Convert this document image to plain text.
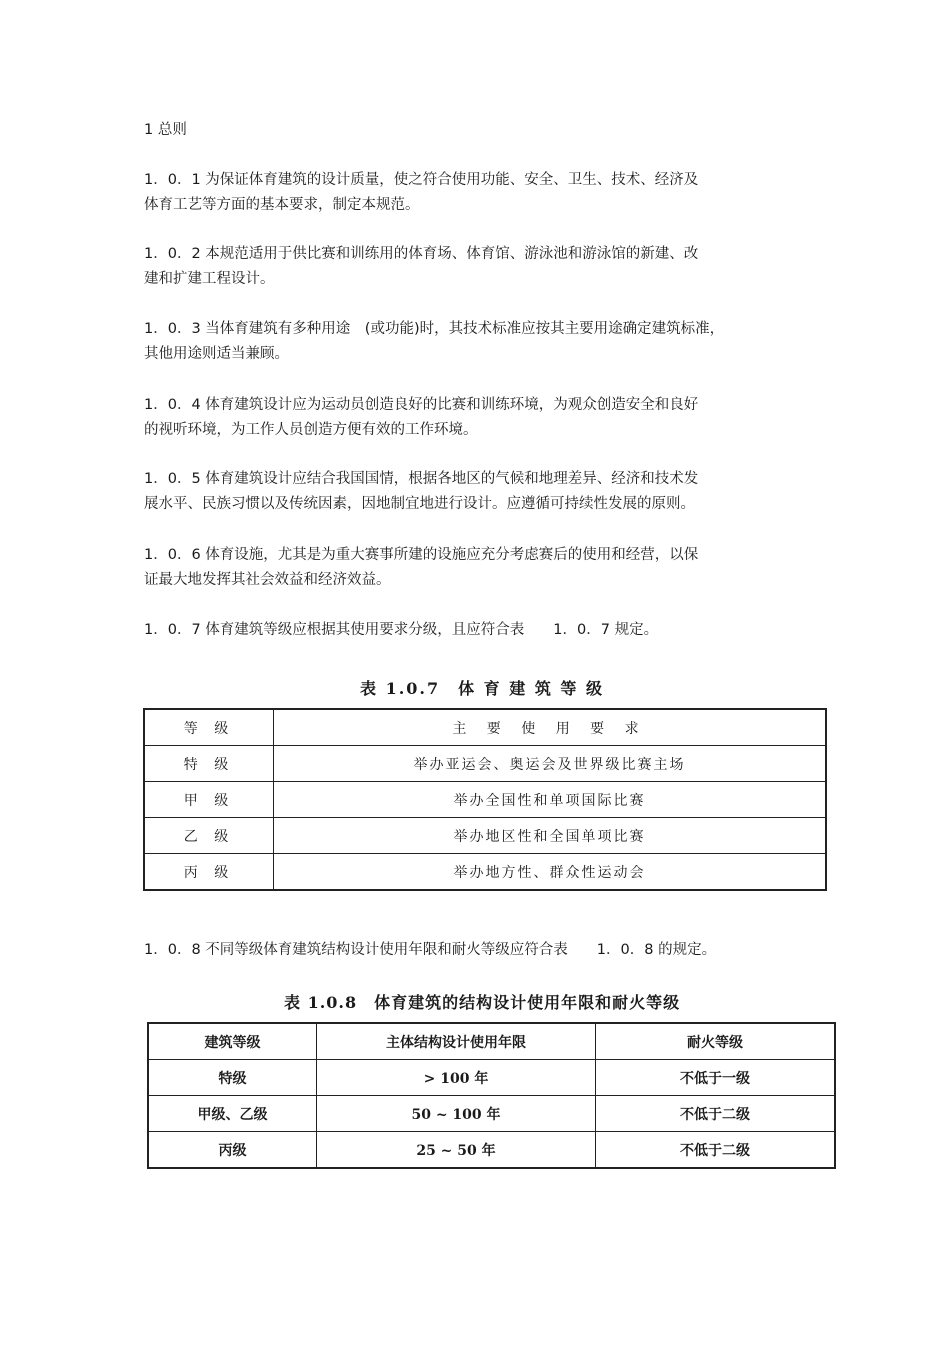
1 总则
1．0．1 为保证体育建筑的设计质量，使之符合使用功能、安全、卫生、技术、经济及
体育工艺等方面的基本要求，制定本规范。
1．0．2 本规范适用于供比赛和训练用的体育场、体育馆、游泳池和游泳馆的新建、改
建和扩建工程设计。
1．0．3 当体育建筑有多种用途　(或功能)时，其技术标准应按其主要用途确定建筑标准，
其他用途则适当兼顾。
1．0．4 体育建筑设计应为运动员创造良好的比赛和训练环境，为观众创造安全和良好
的视听环境，为工作人员创造方便有效的工作环境。
1．0．5 体育建筑设计应结合我国国情，根据各地区的气候和地理差异、经济和技术发
展水平、民族习惯以及传统因素，因地制宜地进行设计。应遵循可持续性发展的原则。
1．0．6 体育设施，尤其是为重大赛事所建的设施应充分考虑赛后的使用和经营，以保
证最大地发挥其社会效益和经济效益。
1．0．7 体育建筑等级应根据其使用要求分级，且应符合表　　1．0．7 规定。
表 1.0.7　体 育 建 筑 等 级
等 级	主 要 使 用 要 求
特 级	举办亚运会、奥运会及世界级比赛主场
甲 级	举办全国性和单项国际比赛
乙 级	举办地区性和全国单项比赛
丙 级	举办地方性、群众性运动会
1．0．8 不同等级体育建筑结构设计使用年限和耐火等级应符合表　　1．0．8 的规定。
表 1.0.8　体育建筑的结构设计使用年限和耐火等级
建筑等级	主体结构设计使用年限	耐火等级
特级	> 100 年	不低于一级
甲级、乙级	50 ~ 100 年	不低于二级
丙级	25 ~ 50 年	不低于二级
